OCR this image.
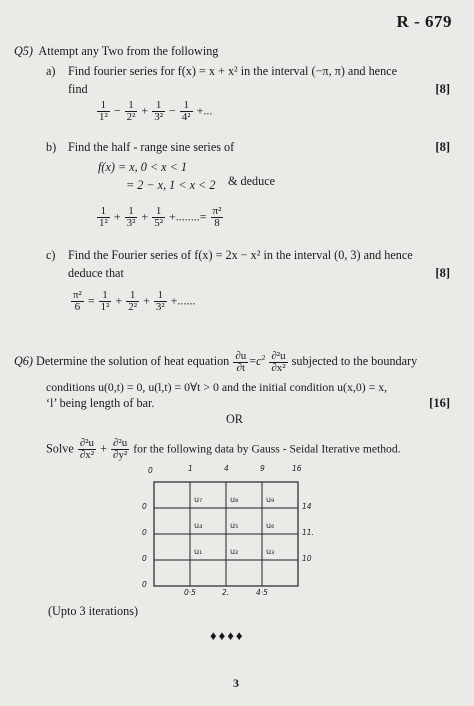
R - 679
Q5) Attempt any Two from the following
a) Find fourier series for f(x) = x + x² in the interval (−π, π) and hence
find	[8]
$\frac{1}{\text{1²}} - \frac{1}{\text{2²}} + \frac{1}{\text{3²}} - \frac{1}{\text{4²}}$ +...
b) Find the half - range sine series of	[8]
f(x) = x, 0 < x < 1
= 2 − x, 1 < x < 2 & deduce
$\frac{1}{\text{1²}} + \frac{1}{\text{3²}} + \frac{1}{\text{5²}}$ +........= $\frac{\text{π²}}{8}$
c) Find the Fourier series of f(x) = 2x − x² in the interval (0, 3) and hence
deduce that	[8]
$\frac{\text{π²}}{6} = \frac{1}{\text{1²}} + \frac{1}{\text{2²}} + \frac{1}{\text{3²}}$ +......
Q6) Determine the solution of heat equation $\frac{\partial u}{\partial t} =c^2 \frac{\text{∂²u}}{\text{∂x²}}$ subjected to the boundary
conditions u(0,t) = 0, u(l,t) = 0∀t > 0 and the initial condition u(x,0) = x,
‘l’ being length of bar.	[16]
OR
Solve $\frac{\text{∂²u}}{\text{∂x²}} + \frac{\text{∂²u}}{\text{∂y²}}$ for the following data by Gauss - Seidal Iterative method.
0	1	4	9	16
0
0
0
0
14
11.
10
u₇	u₈	u₉
u₄	u₅	u₆
u₁	u₂	u₃
0·5	2.	4·5
(Upto 3 iterations)
♦♦♦♦
3
